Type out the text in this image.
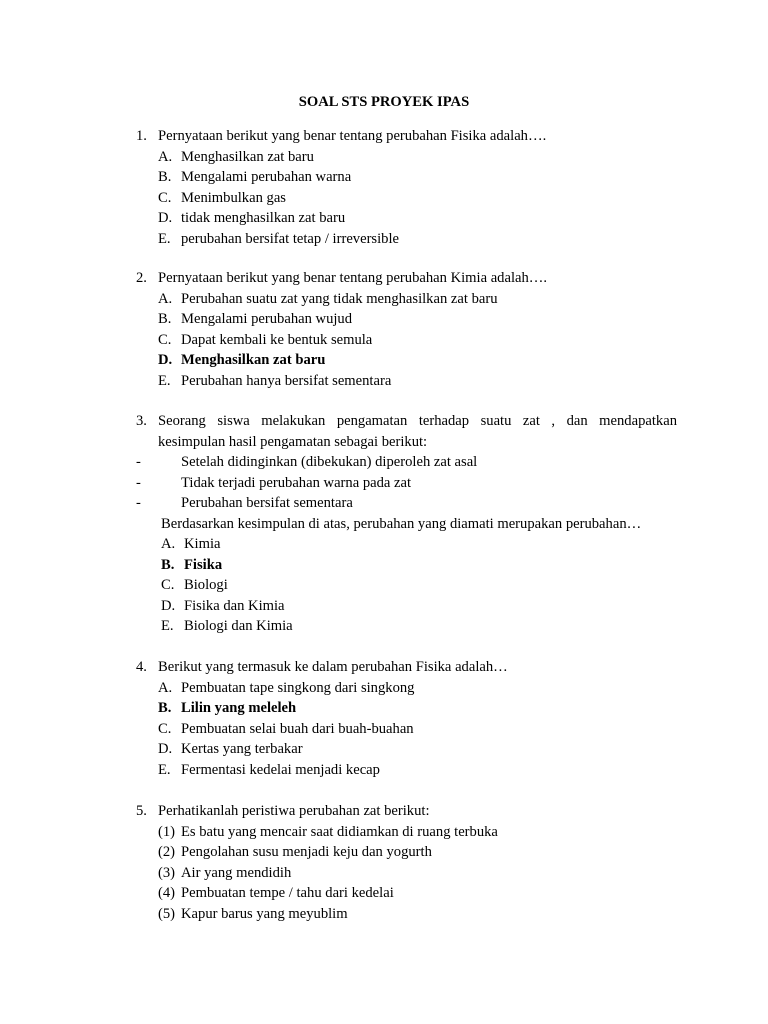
SOAL STS PROYEK IPAS
1. Pernyataan berikut yang benar tentang perubahan Fisika adalah….
A. Menghasilkan zat baru
B. Mengalami perubahan warna
C. Menimbulkan gas
D. tidak menghasilkan zat baru
E. perubahan bersifat tetap / irreversible
2. Pernyataan berikut yang benar tentang perubahan Kimia adalah….
A. Perubahan suatu zat yang tidak menghasilkan zat baru
B. Mengalami perubahan wujud
C. Dapat kembali ke bentuk semula
D. Menghasilkan zat baru
E. Perubahan hanya bersifat sementara
3. Seorang siswa melakukan pengamatan terhadap suatu zat , dan mendapatkan kesimpulan hasil pengamatan sebagai berikut:
-	Setelah didinginkan (dibekukan) diperoleh zat asal
-	Tidak terjadi perubahan warna pada zat
-	Perubahan bersifat sementara
Berdasarkan kesimpulan di atas, perubahan yang diamati merupakan perubahan…
A. Kimia
B. Fisika
C. Biologi
D. Fisika dan Kimia
E. Biologi dan Kimia
4. Berikut yang termasuk ke dalam perubahan Fisika adalah…
A. Pembuatan tape singkong dari singkong
B. Lilin yang meleleh
C. Pembuatan selai buah dari buah-buahan
D. Kertas yang terbakar
E. Fermentasi kedelai menjadi kecap
5. Perhatikanlah peristiwa perubahan zat berikut:
(1) Es batu yang mencair saat didiamkan di ruang terbuka
(2) Pengolahan susu menjadi keju dan yogurth
(3) Air yang mendidih
(4) Pembuatan tempe / tahu dari kedelai
(5) Kapur barus yang meyublim
